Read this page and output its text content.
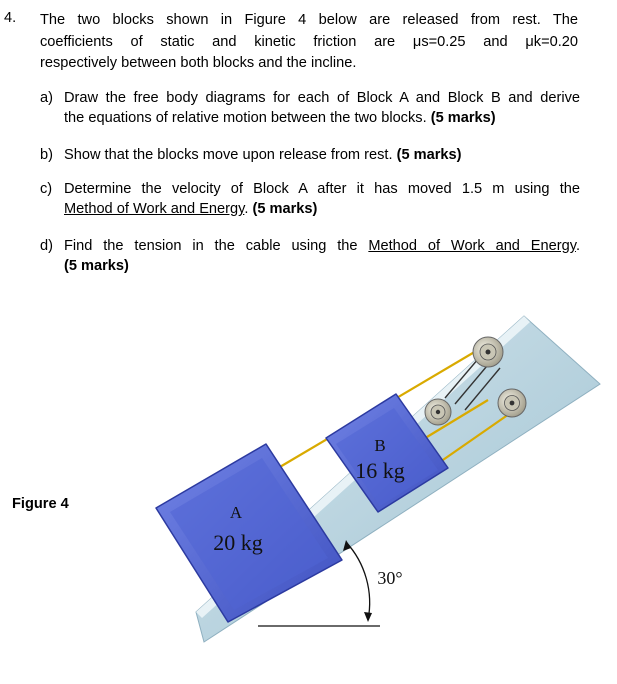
4. The two blocks shown in Figure 4 below are released from rest. The
coefficients of static and kinetic friction are μs=0.25 and μk=0.20
respectively between both blocks and the incline.
a) Draw the free body diagrams for each of Block A and Block B and derive
the equations of relative motion between the two blocks. (5 marks)
b) Show that the blocks move upon release from rest. (5 marks)
c) Determine the velocity of Block A after it has moved 1.5 m using the
Method of Work and Energy. (5 marks)
d) Find the tension in the cable using the Method of Work and Energy.
(5 marks)
Figure 4
B
16 kg
A
20 kg
30°
